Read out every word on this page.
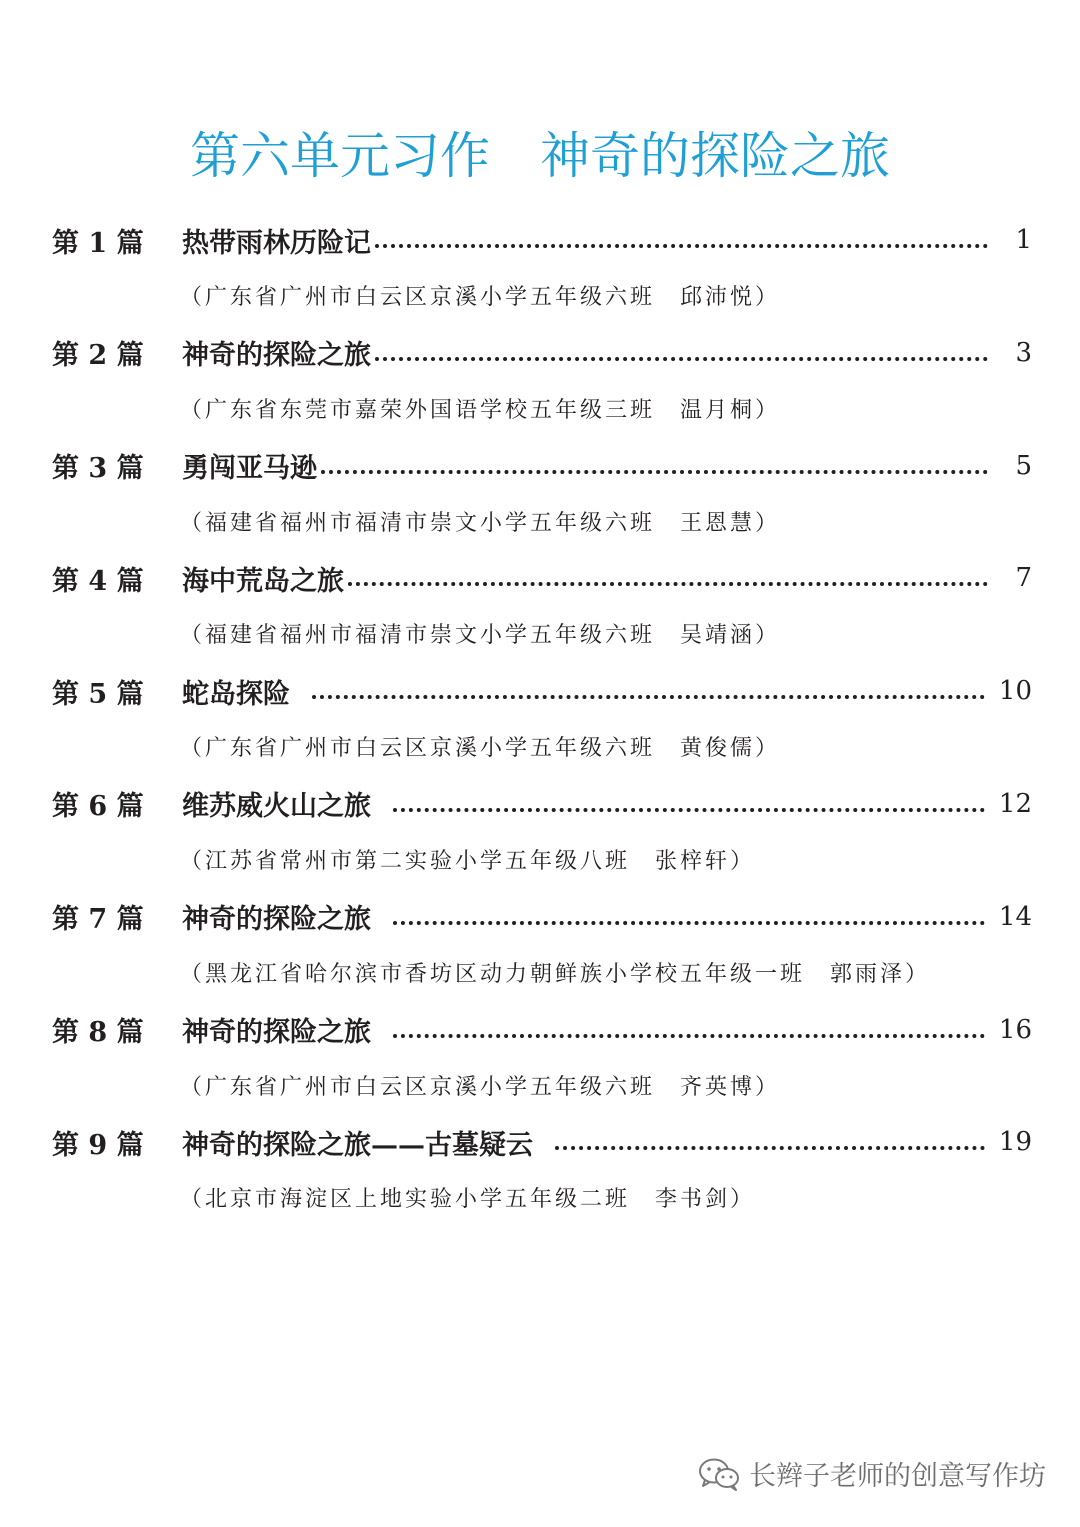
第六单元习作　神奇的探险之旅
第 1 篇	热带雨林历险记	1
（广东省广州市白云区京溪小学五年级六班　邱沛悦）
第 2 篇	神奇的探险之旅	3
（广东省东莞市嘉荣外国语学校五年级三班　温月桐）
第 3 篇	勇闯亚马逊	5
（福建省福州市福清市崇文小学五年级六班　王恩慧）
第 4 篇	海中荒岛之旅	7
（福建省福州市福清市崇文小学五年级六班　吴靖涵）
第 5 篇	蛇岛探险	10
（广东省广州市白云区京溪小学五年级六班　黄俊儒）
第 6 篇	维苏威火山之旅	12
（江苏省常州市第二实验小学五年级八班　张梓轩）
第 7 篇	神奇的探险之旅	14
（黑龙江省哈尔滨市香坊区动力朝鲜族小学校五年级一班　郭雨泽）
第 8 篇	神奇的探险之旅	16
（广东省广州市白云区京溪小学五年级六班　齐英博）
第 9 篇	神奇的探险之旅——古墓疑云	19
（北京市海淀区上地实验小学五年级二班　李书剑）
长辫子老师的创意写作坊
